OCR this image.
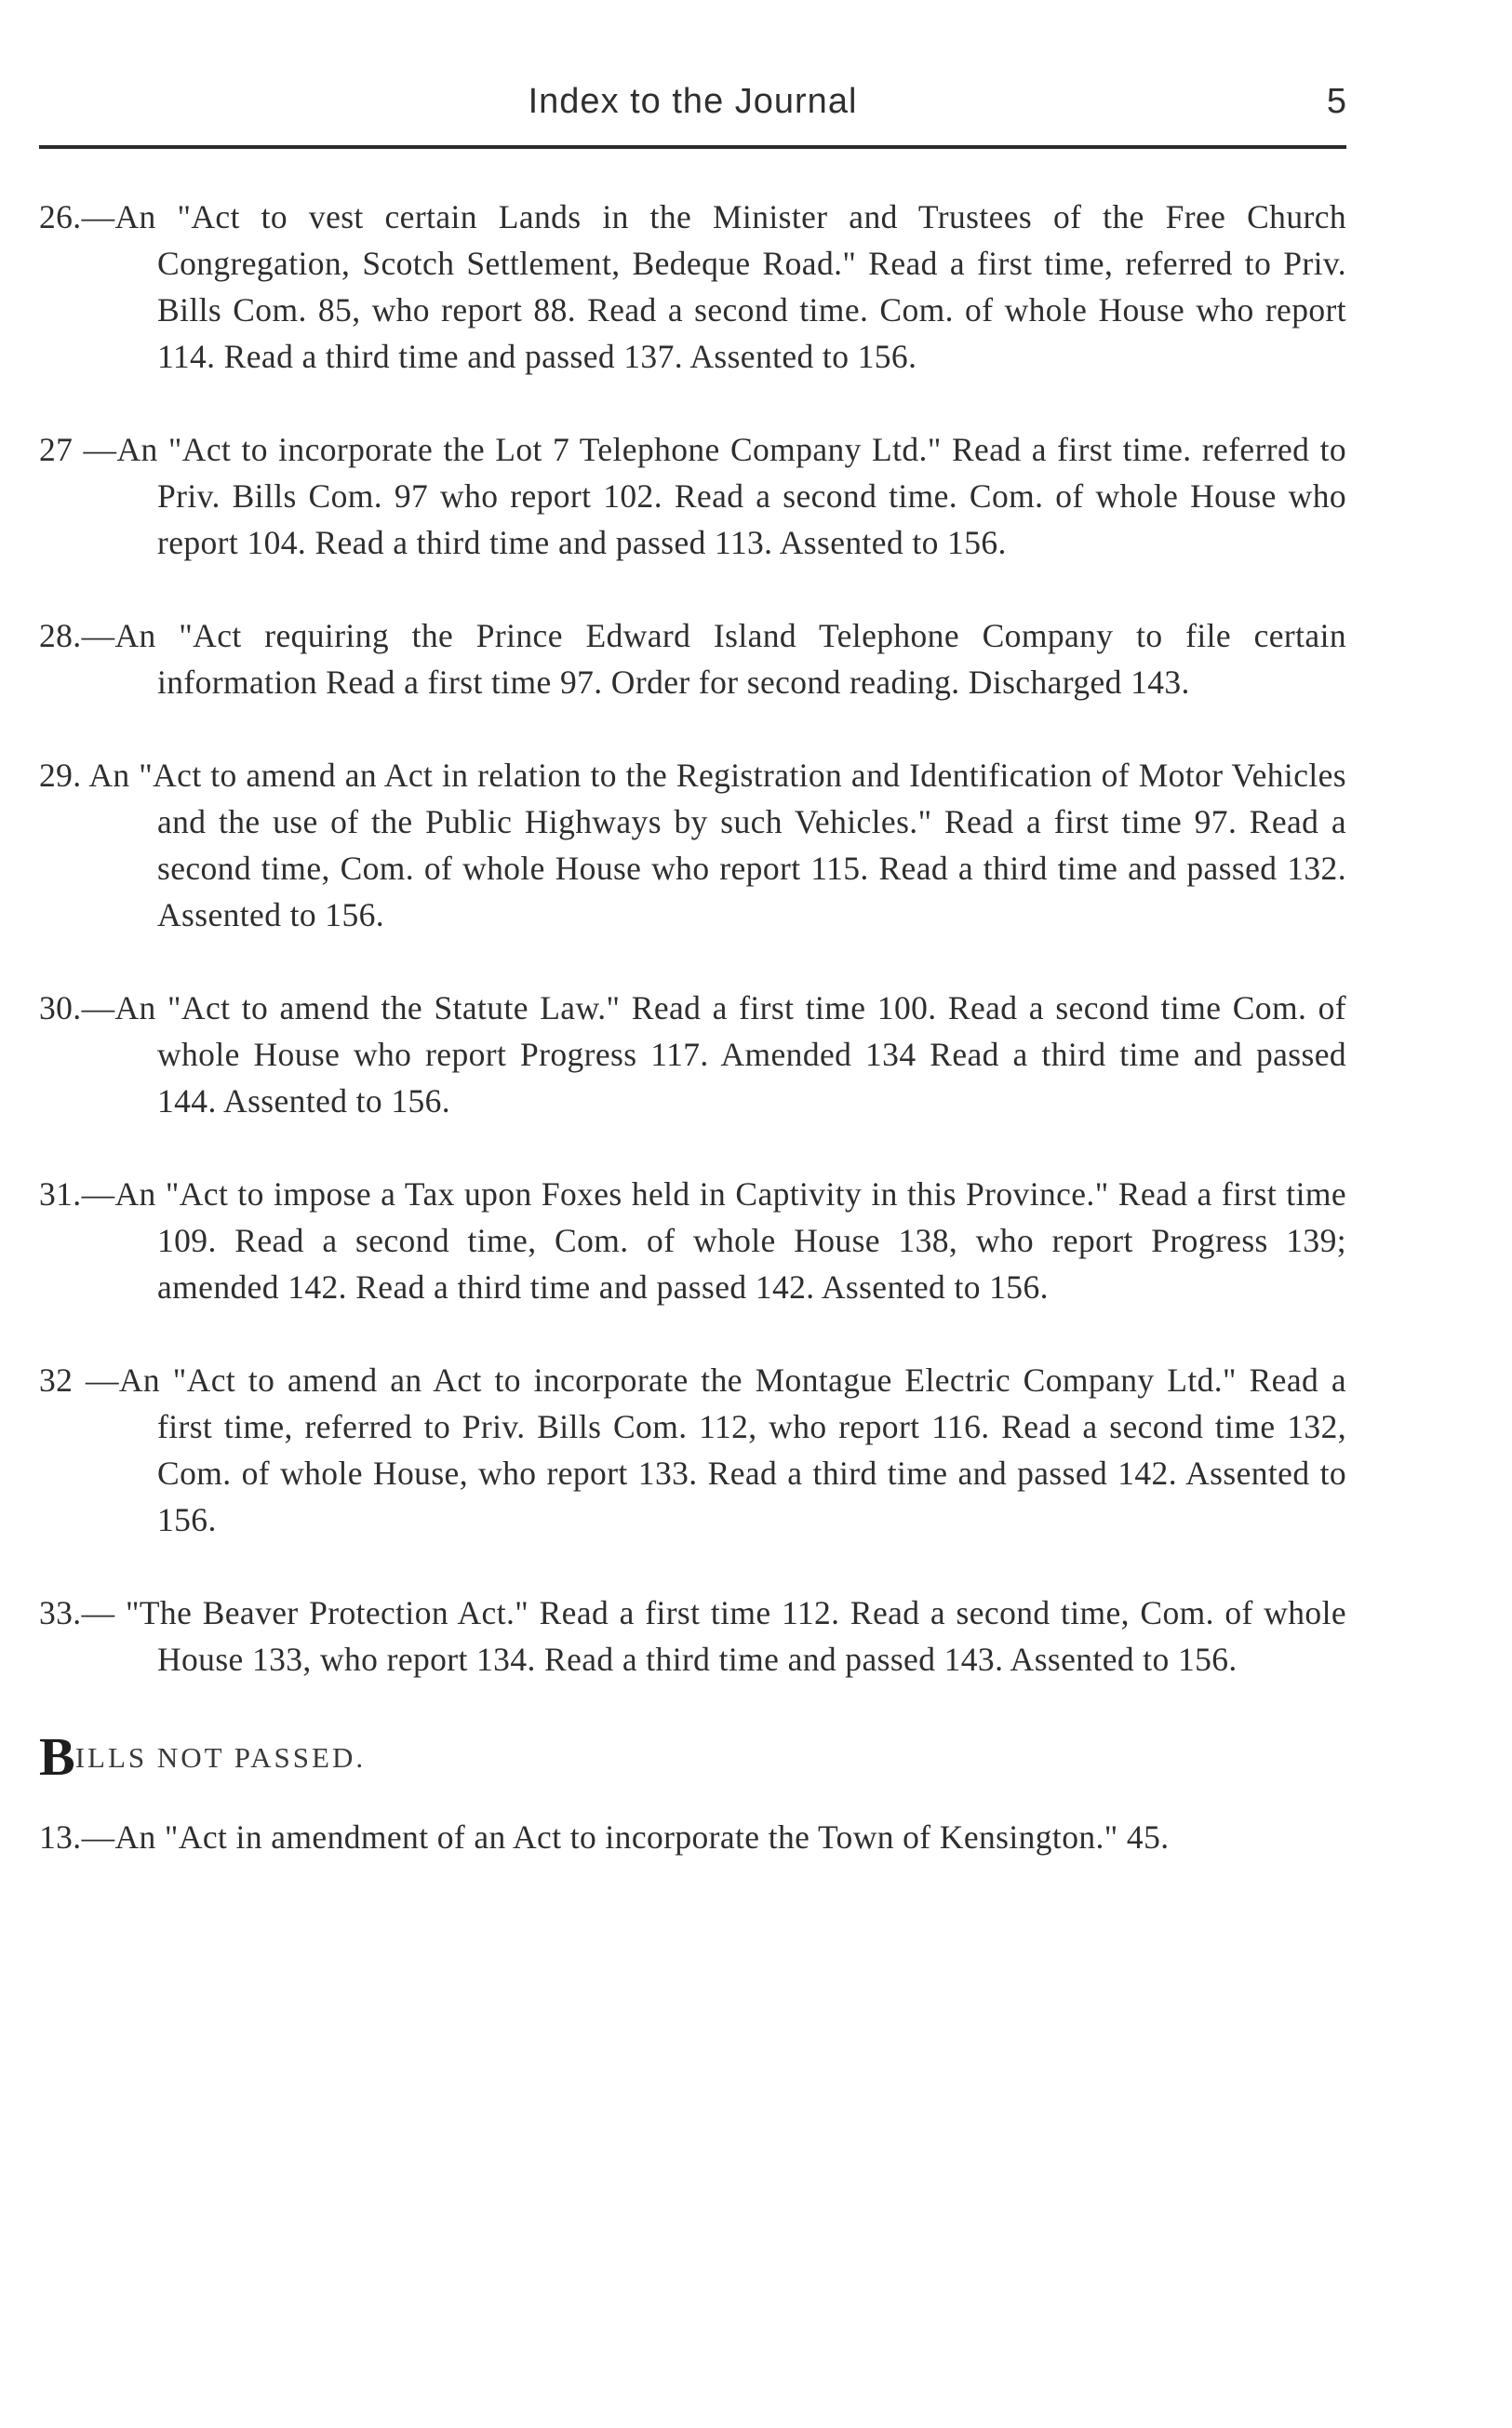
Index to the Journal	5

26.—An "Act to vest certain Lands in the Minister and Trustees of the Free Church Congregation, Scotch Settlement, Bedeque Road." Read a first time, referred to Priv. Bills Com. 85, who report 88. Read a second time. Com. of whole House who report 114. Read a third time and passed 137. Assented to 156.

27 —An "Act to incorporate the Lot 7 Telephone Company Ltd." Read a first time. referred to Priv. Bills Com. 97 who report 102. Read a second time. Com. of whole House who report 104. Read a third time and passed 113. Assented to 156.

28.—An "Act requiring the Prince Edward Island Telephone Company to file certain information Read a first time 97. Order for second reading. Discharged 143.

29. An "Act to amend an Act in relation to the Registration and Identification of Motor Vehicles and the use of the Public Highways by such Vehicles." Read a first time 97. Read a second time, Com. of whole House who report 115. Read a third time and passed 132. Assented to 156.

30.—An "Act to amend the Statute Law." Read a first time 100. Read a second time Com. of whole House who report Progress 117. Amended 134 Read a third time and passed 144. Assented to 156.

31.—An "Act to impose a Tax upon Foxes held in Captivity in this Province." Read a first time 109. Read a second time, Com. of whole House 138, who report Progress 139; amended 142. Read a third time and passed 142. Assented to 156.

32 —An "Act to amend an Act to incorporate the Montague Electric Company Ltd." Read a first time, referred to Priv. Bills Com. 112, who report 116. Read a second time 132, Com. of whole House, who report 133. Read a third time and passed 142. Assented to 156.

33.— "The Beaver Protection Act." Read a first time 112. Read a second time, Com. of whole House 133, who report 134. Read a third time and passed 143. Assented to 156.

BILLS NOT PASSED.

13.—An "Act in amendment of an Act to incorporate the Town of Kensington." 45.
